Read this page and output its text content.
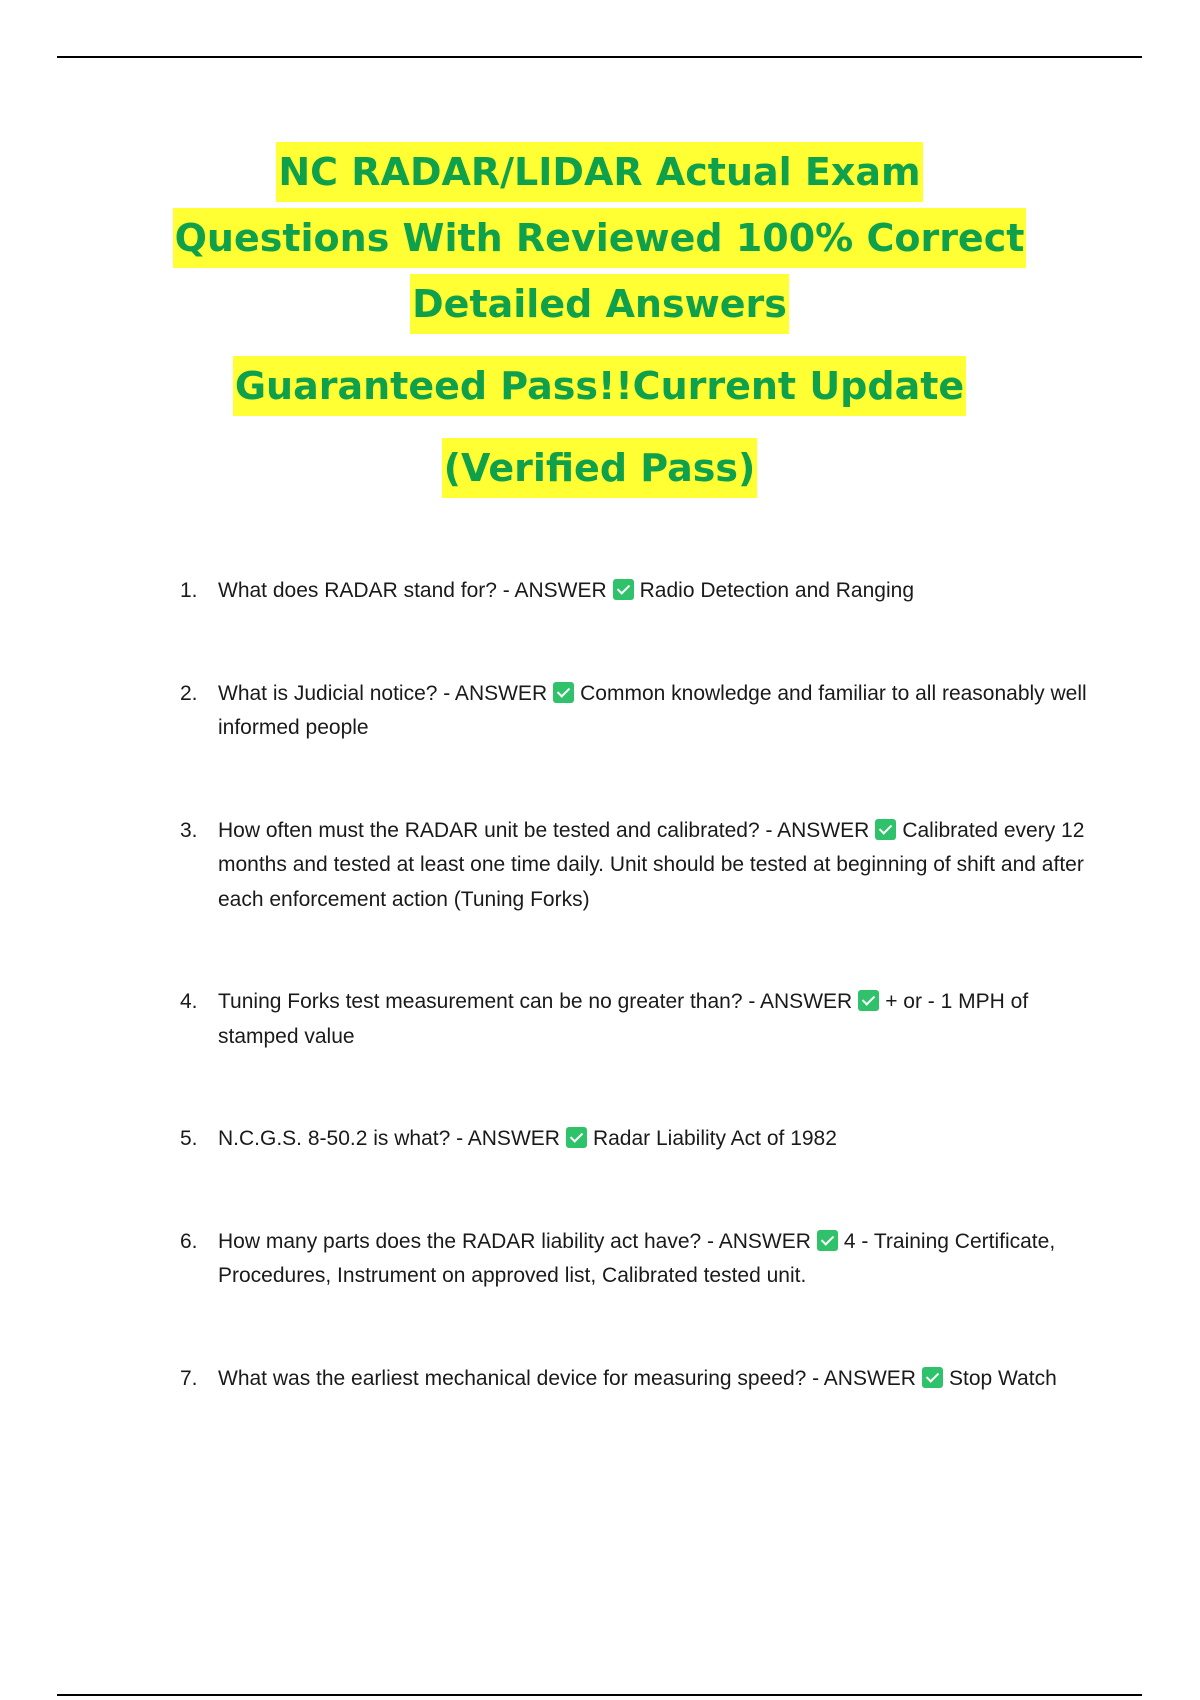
NC RADAR/LIDAR Actual Exam
Questions With Reviewed 100% Correct
Detailed Answers
Guaranteed Pass!!Current Update
(Verified Pass)
1. What does RADAR stand for? - ANSWER Radio Detection and Ranging
2. What is Judicial notice? - ANSWER Common knowledge and familiar to all reasonably well informed people
3. How often must the RADAR unit be tested and calibrated? - ANSWER Calibrated every 12 months and tested at least one time daily. Unit should be tested at beginning of shift and after each enforcement action (Tuning Forks)
4. Tuning Forks test measurement can be no greater than? - ANSWER + or - 1 MPH of stamped value
5. N.C.G.S. 8-50.2 is what? - ANSWER Radar Liability Act of 1982
6. How many parts does the RADAR liability act have? - ANSWER 4 - Training Certificate, Procedures, Instrument on approved list, Calibrated tested unit.
7. What was the earliest mechanical device for measuring speed? - ANSWER Stop Watch
